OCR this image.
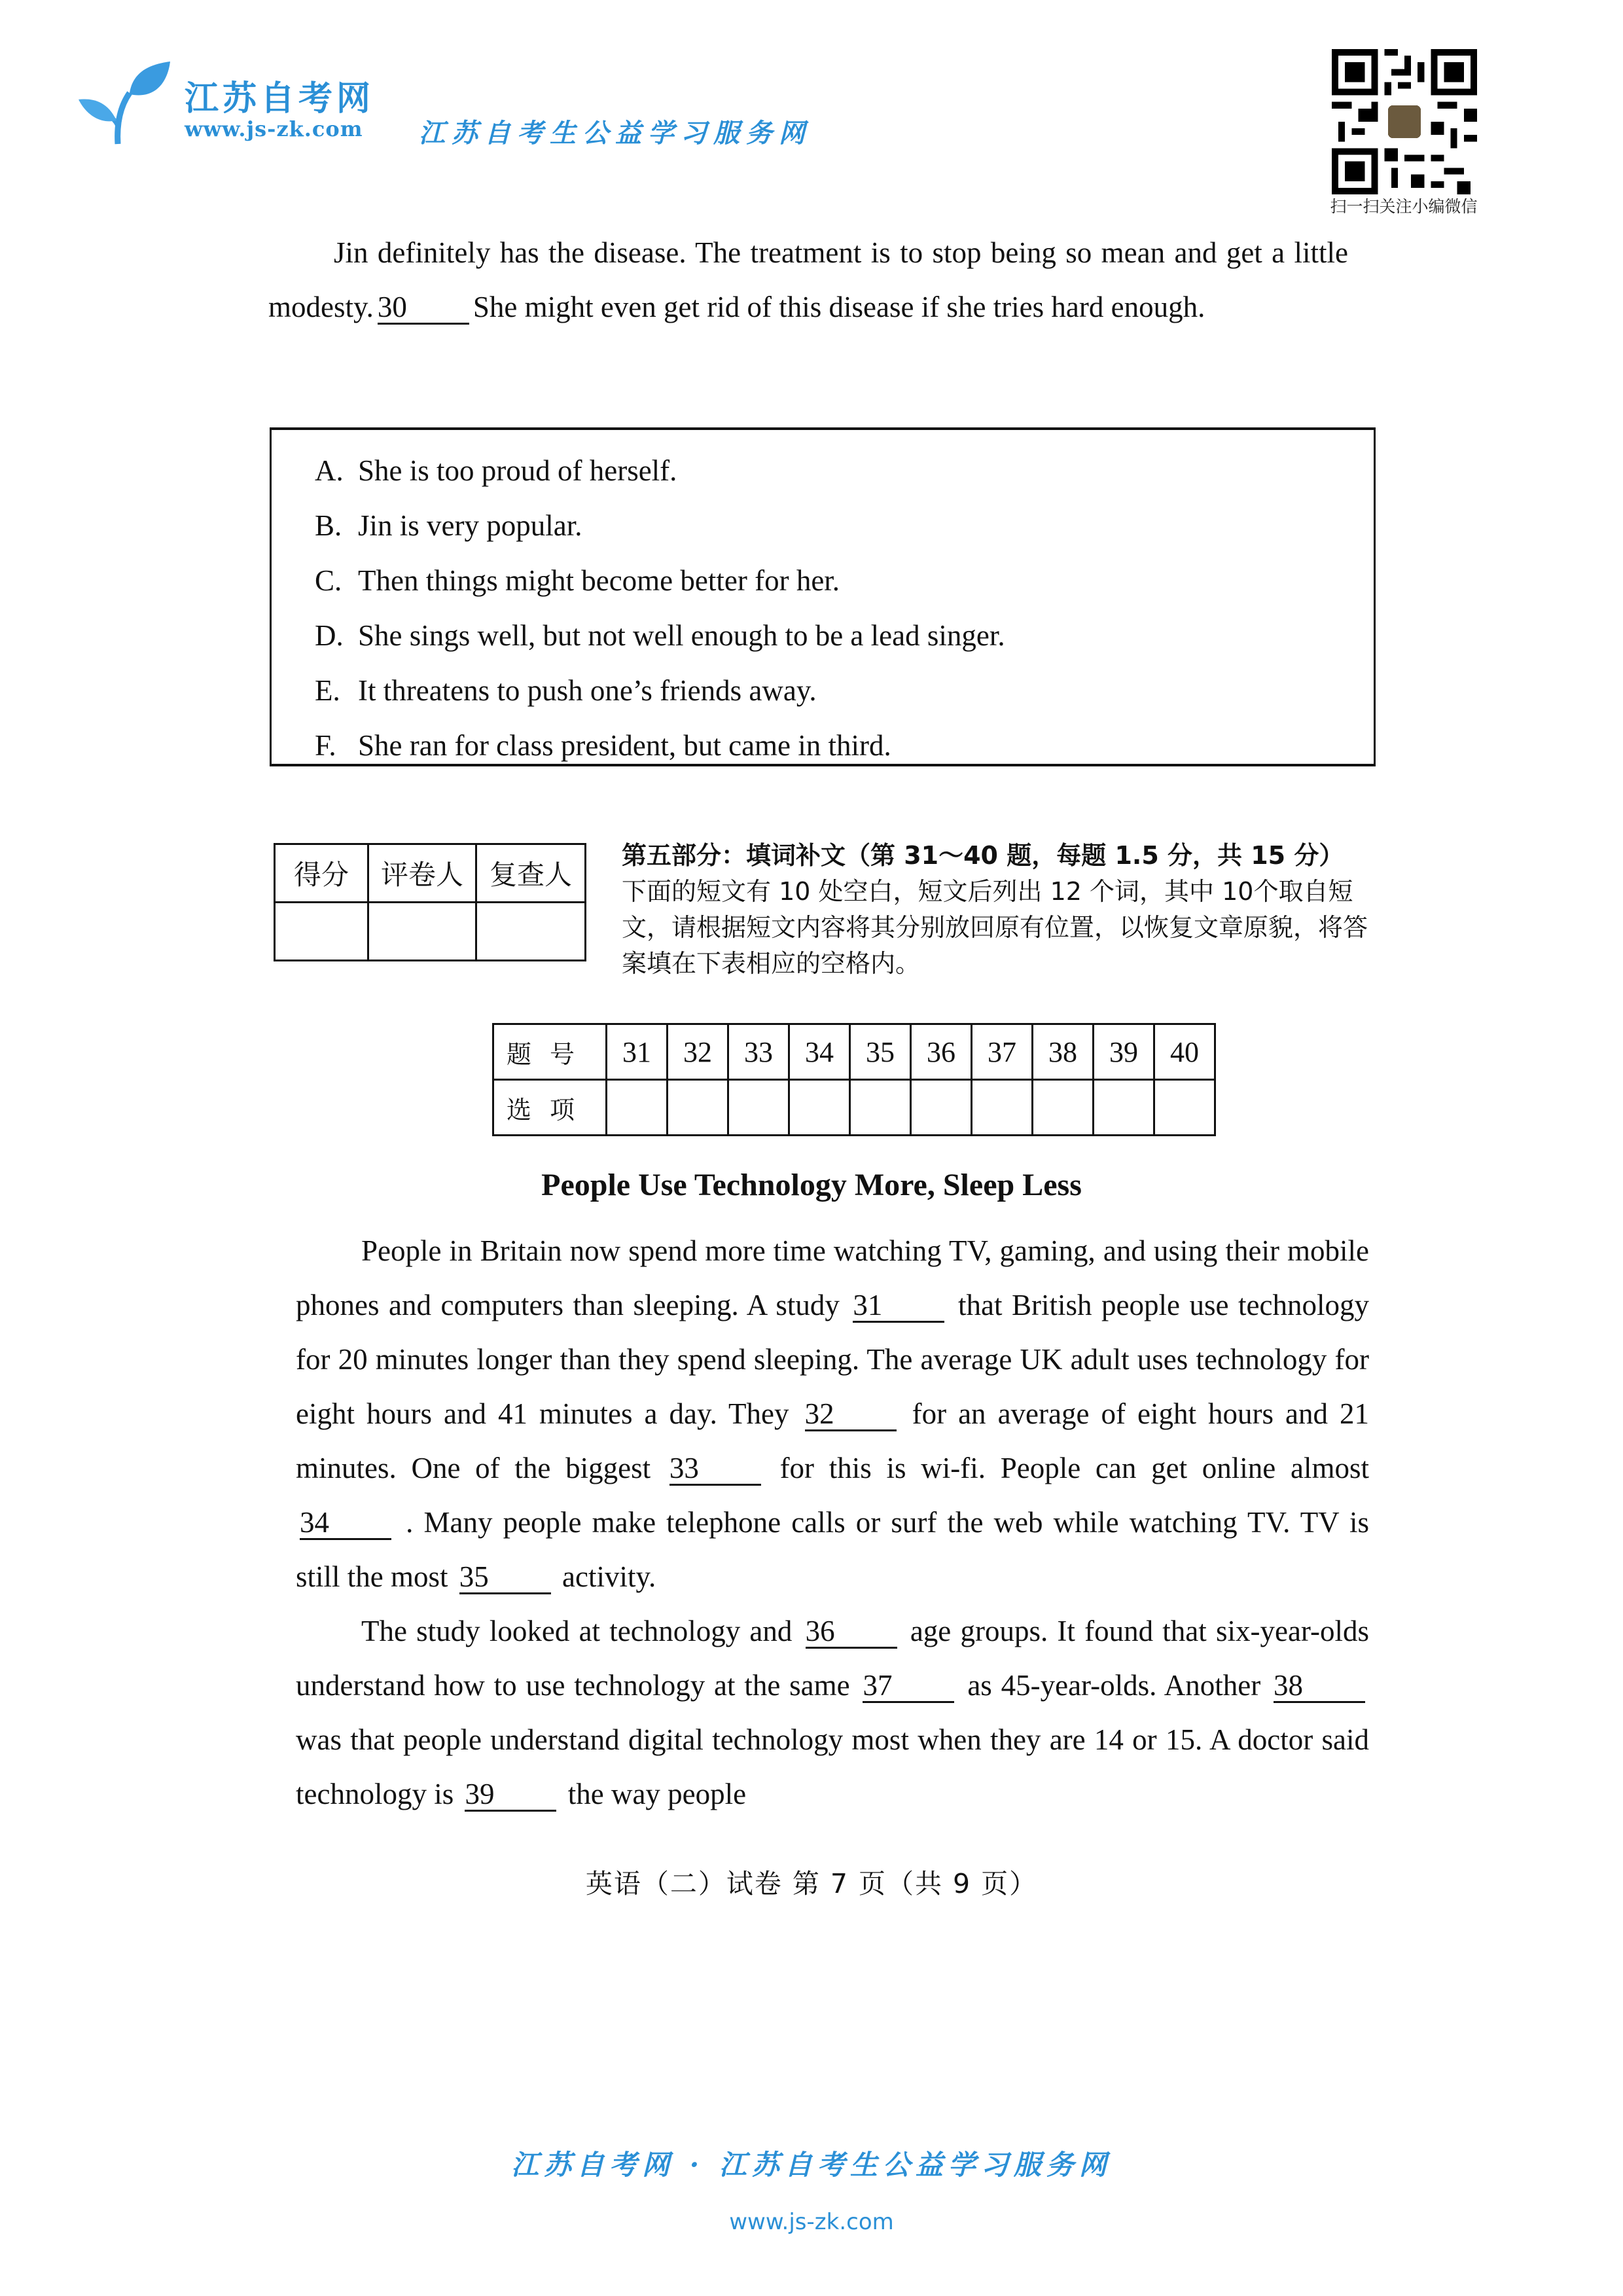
江苏自考网
www.js-zk.com 江苏自考生公益学习服务网
扫一扫关注小编微信
Jin definitely has the disease. The treatment is to stop being so mean and get a little modesty. 30 She might even get rid of this disease if she tries hard enough.
A. She is too proud of herself.
B. Jin is very popular.
C. Then things might become better for her.
D. She sings well, but not well enough to be a lead singer.
E. It threatens to push one’s friends away.
F. She ran for class president, but came in third.
得分	评卷人	复查人

第五部分：填词补文（第 31～40 题，每题 1.5 分，共 15 分）
下面的短文有 10 处空白，短文后列出 12 个词，其中 10个取自短文，请根据短文内容将其分别放回原有位置，以恢复文章原貌，将答案填在下表相应的空格内。
题号	31	32	33	34	35	36	37	38	39	40
选项										
People Use Technology More, Sleep Less
People in Britain now spend more time watching TV, gaming, and using their mobile phones and computers than sleeping. A study 31	that British people use technology for 20 minutes longer than they spend sleeping. The average UK adult uses technology for eight hours and 41 minutes a day. They 32	for an average of eight hours and 21 minutes. One of the biggest 33	for this is wi-fi. People can get online almost 34	. Many people make telephone calls or surf the web while watching TV. TV is still the most 35 activity.
The study looked at technology and 36	age groups. It found that six-year-olds understand how to use technology at the same 37	as 45-year-olds. Another 38 was that people understand digital technology most when they are 14 or 15. A doctor said technology is 39 the way people
英语（二）试卷 第 7 页（共 9 页）
江苏自考网 · 江苏自考生公益学习服务网
www.js-zk.com
